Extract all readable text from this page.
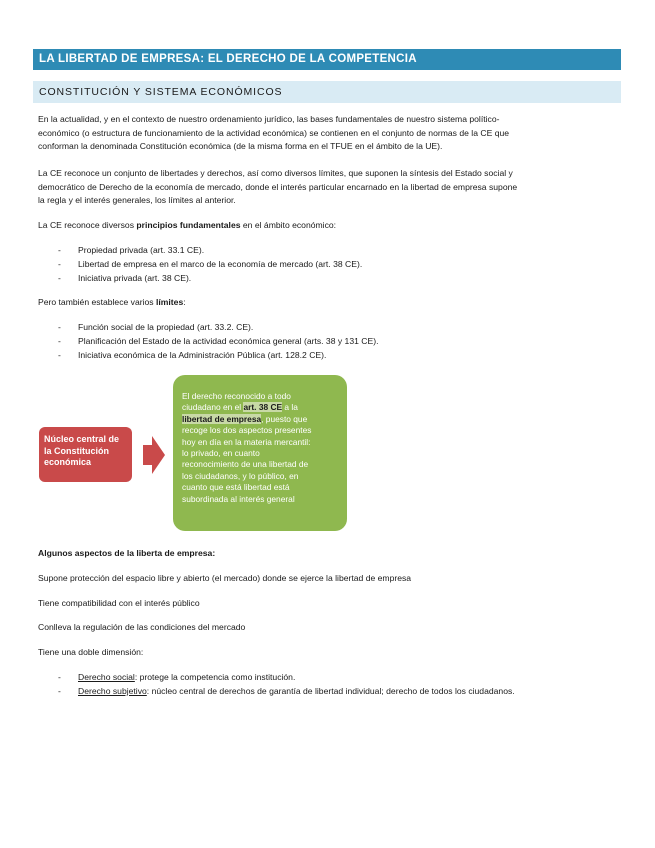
LA LIBERTAD DE EMPRESA: EL DERECHO DE LA COMPETENCIA
CONSTITUCIÓN Y SISTEMA ECONÓMICOS
En la actualidad, y en el contexto de nuestro ordenamiento jurídico, las bases fundamentales de nuestro sistema político-
económico (o estructura de funcionamiento de la actividad económica) se contienen en el conjunto de normas de la CE que
conforman la denominada Constitución económica (de la misma forma en el TFUE en el ámbito de la UE).
La CE reconoce un conjunto de libertades y derechos, así como diversos límites, que suponen la síntesis del Estado social y
democrático de Derecho de la economía de mercado, donde el interés particular encarnado en la libertad de empresa supone
la regla y el interés generales, los límites al anterior.
La CE reconoce diversos principios fundamentales en el ámbito económico:
- Propiedad privada (art. 33.1 CE).
- Libertad de empresa en el marco de la economía de mercado (art. 38 CE).
- Iniciativa privada (art. 38 CE).
Pero también establece varios límites:
- Función social de la propiedad (art. 33.2. CE).
- Planificación del Estado de la actividad económica general (arts. 38 y 131 CE).
- Iniciativa económica de la Administración Pública (art. 128.2 CE).
Núcleo central de
la Constitución
económica
El derecho reconocido a todo
ciudadano en el art. 38 CE a la
libertad de empresa, puesto que
recoge los dos aspectos presentes
hoy en día en la materia mercantil:
lo privado, en cuanto
reconocimiento de una libertad de
los ciudadanos, y lo público, en
cuanto que está libertad está
subordinada al interés general
Algunos aspectos de la liberta de empresa:
Supone protección del espacio libre y abierto (el mercado) donde se ejerce la libertad de empresa
Tiene compatibilidad con el interés público
Conlleva la regulación de las condiciones del mercado
Tiene una doble dimensión:
- Derecho social: protege la competencia como institución.
- Derecho subjetivo: núcleo central de derechos de garantía de libertad individual; derecho de todos los ciudadanos.
